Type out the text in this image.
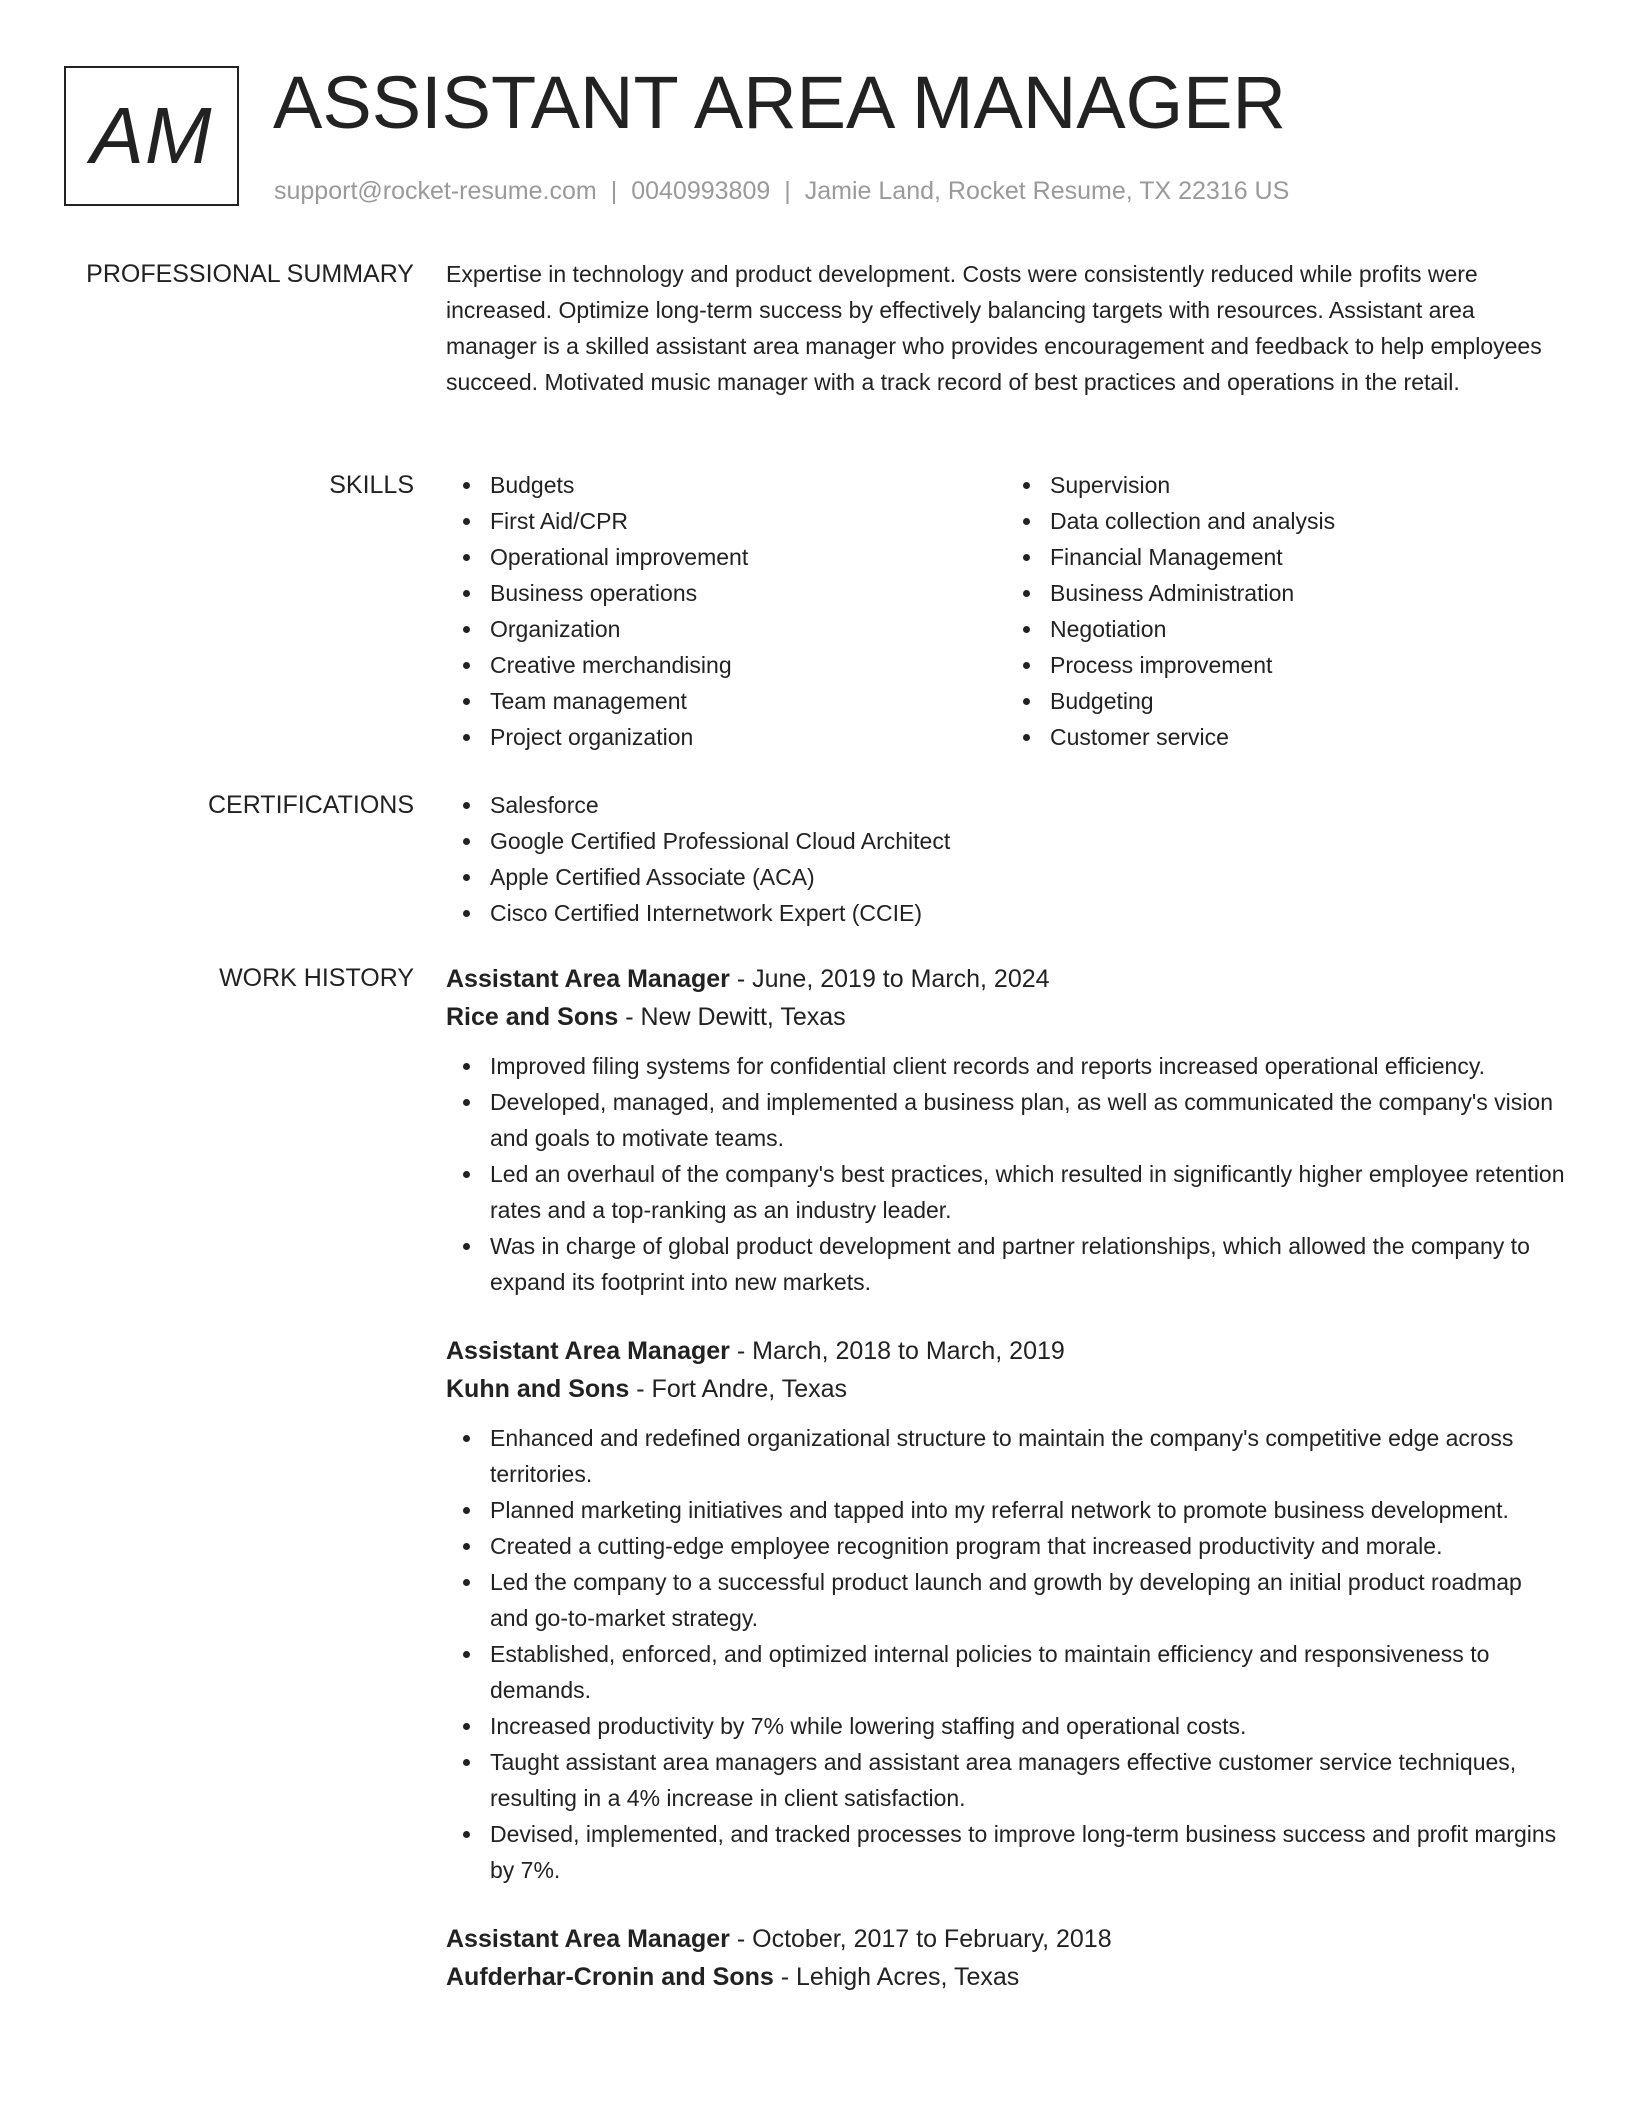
AM ASSISTANT AREA MANAGER
support@rocket-resume.com | 0040993809 | Jamie Land, Rocket Resume, TX 22316 US
PROFESSIONAL SUMMARY Expertise in technology and product development. Costs were consistently reduced while profits were increased. Optimize long-term success by effectively balancing targets with resources. Assistant area manager is a skilled assistant area manager who provides encouragement and feedback to help employees succeed. Motivated music manager with a track record of best practices and operations in the retail.

SKILLS	Budgets
First Aid/CPR
Operational improvement
Business operations
Organization
Creative merchandising
Team management
Project organization
Supervision
Data collection and analysis
Financial Management
Business Administration
Negotiation
Process improvement
Budgeting
Customer service
CERTIFICATIONS	Salesforce
Google Certified Professional Cloud Architect
Apple Certified Associate (ACA)
Cisco Certified Internetwork Expert (CCIE)
WORK HISTORY Assistant Area Manager - June, 2019 to March, 2024
Rice and Sons - New Dewitt, Texas
Improved filing systems for confidential client records and reports increased operational efficiency.
Developed, managed, and implemented a business plan, as well as communicated the company's vision and goals to motivate teams.
Led an overhaul of the company's best practices, which resulted in significantly higher employee retention rates and a top-ranking as an industry leader.
Was in charge of global product development and partner relationships, which allowed the company to expand its footprint into new markets.
Assistant Area Manager - March, 2018 to March, 2019
Kuhn and Sons - Fort Andre, Texas
Enhanced and redefined organizational structure to maintain the company's competitive edge across territories.
Planned marketing initiatives and tapped into my referral network to promote business development.
Created a cutting-edge employee recognition program that increased productivity and morale.
Led the company to a successful product launch and growth by developing an initial product roadmap and go-to-market strategy.
Established, enforced, and optimized internal policies to maintain efficiency and responsiveness to demands.
Increased productivity by 7% while lowering staffing and operational costs.
Taught assistant area managers and assistant area managers effective customer service techniques, resulting in a 4% increase in client satisfaction.
Devised, implemented, and tracked processes to improve long-term business success and profit margins by 7%.
Assistant Area Manager - October, 2017 to February, 2018
Aufderhar-Cronin and Sons - Lehigh Acres, Texas
